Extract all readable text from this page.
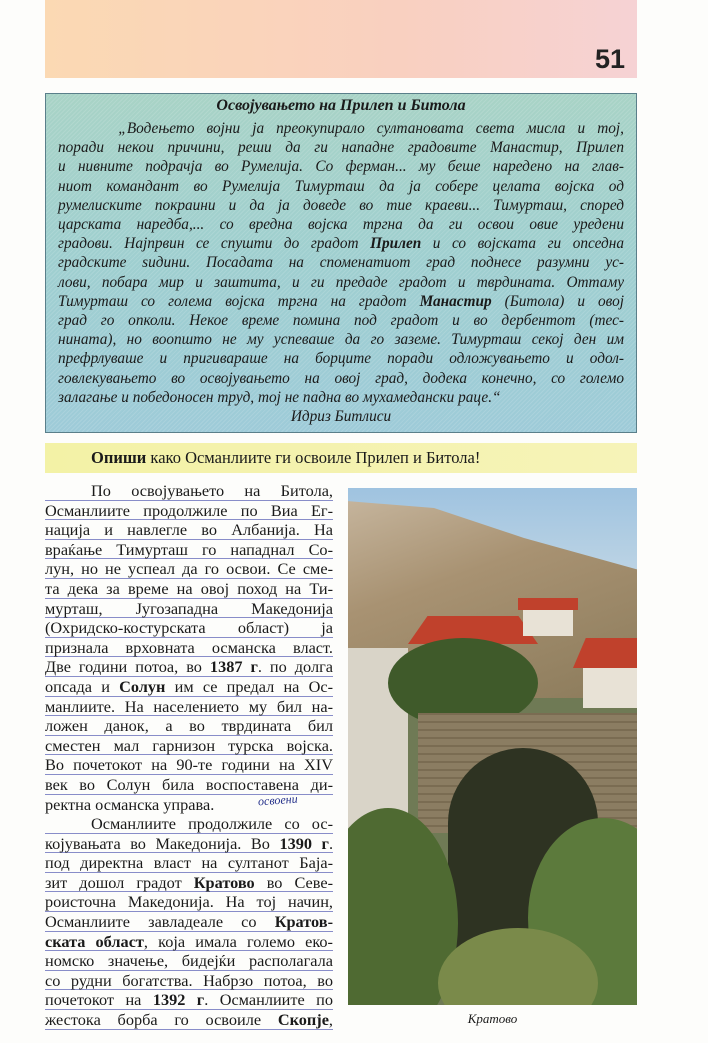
51
Освојувањето на Прилеп и Битола
„Водењето војни ја преокупирало султановата света мисла и тој,
поради некои причини, реши да ги нападне градовите Манастир, Прилеп
и нивните подрачја во Румелија. Со ферман... му беше наредено на глав-
ниот командант во Румелија Тимурташ да ја собере целата војска од
румелиските покраини и да ја доведе во тие краеви... Тимурташ, според
царската наредба,... со вредна војска тргна да ги освои овие уредени
градови. Најпрвин се спушти до градот Прилеп и со војската ги опседна
градските ѕидини. Посадата на споменатиот град поднесе разумни ус-
лови, побара мир и заштита, и ги предаде градот и тврдината. Оттаму
Тимурташ со голема војска тргна на градот Манастир (Битола) и овој
град го опколи. Некое време помина под градот и во дербентот (тес-
нината), но воопшто не му успеваше да го заземе. Тимурташ секој ден им
префрлуваше и пригивараше на борците поради одложувањето и одол-
говлекувањето во освојувањето на овој град, додека конечно, со големо
залагање и победоносен труд, тој не падна во мухамедански раце.“
Идриз Битлиси
Опиши како Османлиите ги освоиле Прилеп и Битола!
По освојувањето на Битола,
Османлиите продолжиле по Виа Ег-
нација и навлегле во Албанија. На
враќање Тимурташ го нападнал Со-
лун, но не успеал да го освои. Се сме-
та дека за време на овој поход на Ти-
мурташ, Југозападна Македонија
(Охридско-костурската област) ја
признала врховната османска власт.
Две години потоа, во 1387 г. по долга
опсада и Солун им се предал на Ос-
манлиите. На населението му бил на-
ложен данок, а во тврдината бил
сместен мал гарнизон турска војска.
Во почетокот на 90-те години на XIV
век во Солун била воспоставена ди-
ректна османска управа.
Османлиите продолжиле со ос-
којувањата во Македонија. Во 1390 г.
под директна власт на султанот Баја-
зит дошол градот Кратово во Севе-
роисточна Македонија. На тој начин,
Османлиите завладеале со Кратов-
ската област, која имала големо еко-
номско значење, бидејќи располагала
со рудни богатства. Набрзо потоа, во
почетокот на 1392 г. Османлиите по
жестока борба го освоиле Скопје,
освоени
Кратово
